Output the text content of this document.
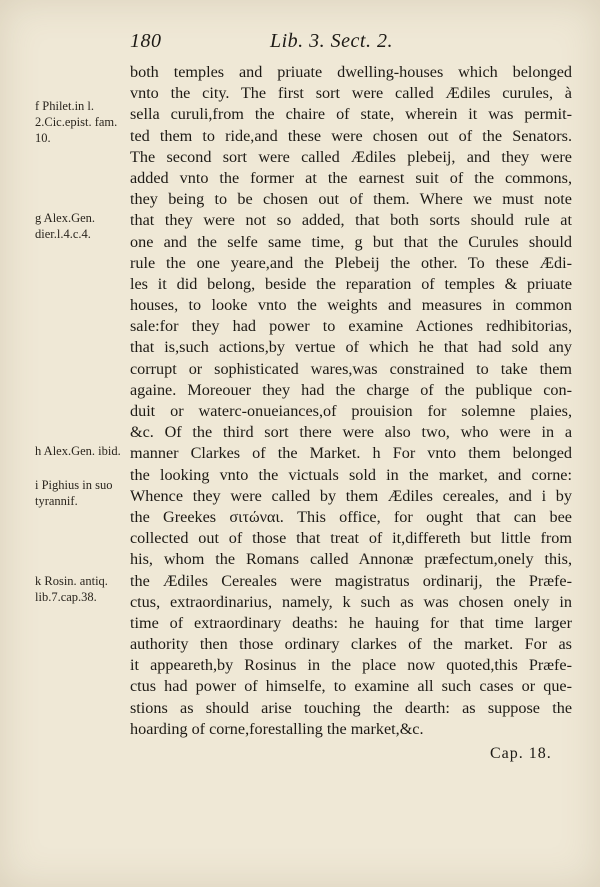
180	Lib. 3. Sect. 2.
f Philet.in l. 2.Cic.epist. fam. 10.
g Alex.Gen. dier.l.4.c.4.
h Alex.Gen. ibid.
i Pighius in suo tyrannif.
k Rosin. antiq. lib.7.cap.38.
both temples and priuate dwelling-houses which belonged
vnto the city. The first sort were called Ædiles curules, à
sella curuli,from the chaire of state, wherein it was permit-
ted them to ride,and these were chosen out of the Senators.
The second sort were called Ædiles plebeij, and they were
added vnto the former at the earnest suit of the commons,
they being to be chosen out of them. Where we must note
that they were not so added, that both sorts should rule at
one and the selfe same time, g but that the Curules should
rule the one yeare,and the Plebeij the other. To these Ædi-
les it did belong, beside the reparation of temples & priuate
houses, to looke vnto the weights and measures in common
sale:for they had power to examine Actiones redhibitorias,
that is,such actions,by vertue of which he that had sold any
corrupt or sophisticated wares,was constrained to take them
againe. Moreouer they had the charge of the publique con-
duit or waterc-onueiances,of prouision for solemne plaies,
&c. Of the third sort there were also two, who were in a
manner Clarkes of the Market. h For vnto them belonged
the looking vnto the victuals sold in the market, and corne:
Whence they were called by them Ædiles cereales, and i by
the Greekes σιτώναι. This office, for ought that can bee
collected out of those that treat of it,differeth but little from
his, whom the Romans called Annonæ præfectum,onely this,
the Ædiles Cereales were magistratus ordinarij, the Præfe-
ctus, extraordinarius, namely, k such as was chosen onely in
time of extraordinary deaths: he hauing for that time larger
authority then those ordinary clarkes of the market. For as
it appeareth,by Rosinus in the place now quoted,this Præfe-
ctus had power of himselfe, to examine all such cases or que-
stions as should arise touching the dearth: as suppose the
hoarding of corne,forestalling the market,&c.
Cap. 18.
